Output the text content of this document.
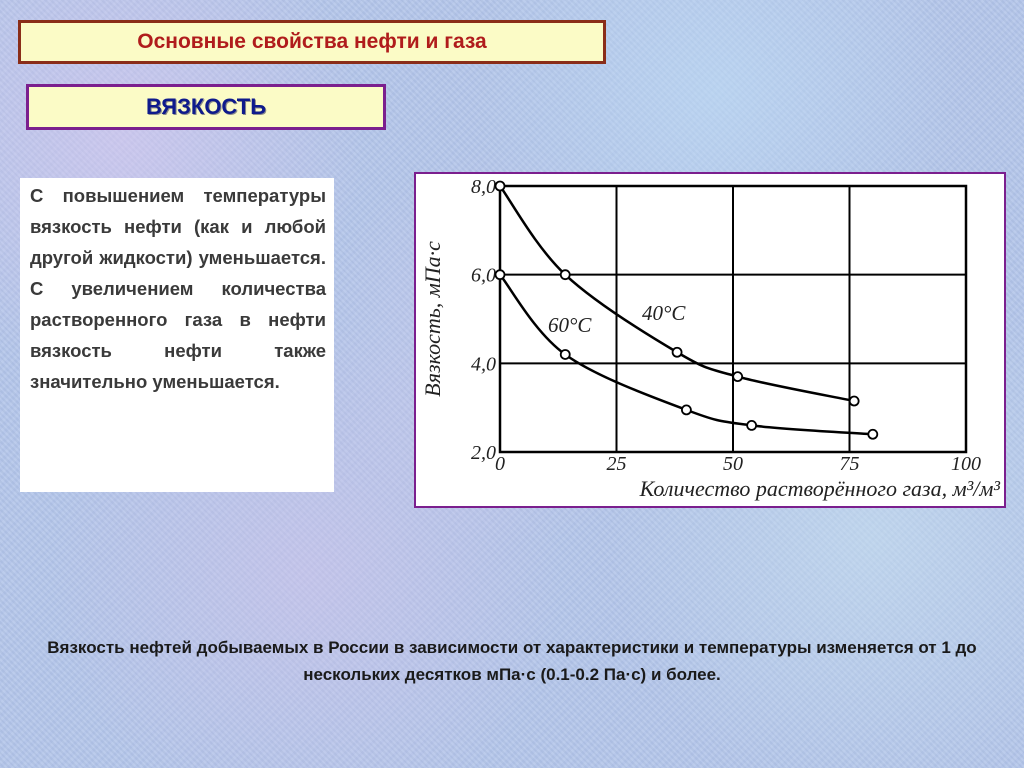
Основные свойства нефти и газа
ВЯЗКОСТЬ

С повышением температуры вязкость нефти (как и любой другой жидкости) уменьшается. С увеличением количества растворенного газа в нефти вязкость нефти также значительно уменьшается.

0	25	50	75	100
2,0
4,0
6,0
8,0
Количество растворённого газа, м³/м³
Вязкость, мПа·с	40°C
60°C
Вязкость нефтей добываемых в России в зависимости от характеристики и температуры изменяется от 1 до нескольких десятков мПа·с (0.1-0.2 Па·с) и более.
